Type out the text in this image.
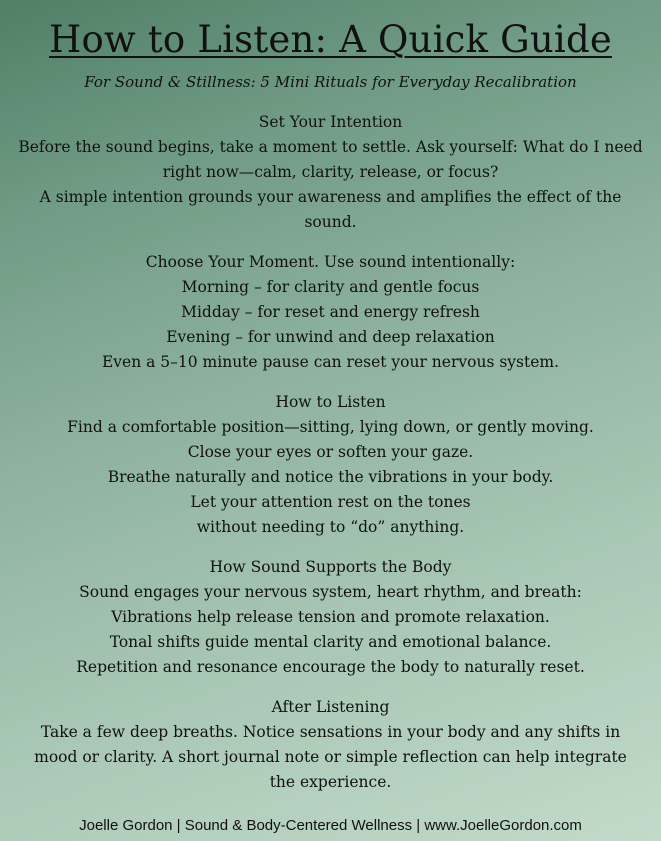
How to Listen: A Quick Guide

For Sound & Stillness: 5 Mini Rituals for Everyday Recalibration

Set Your Intention
Before the sound begins, take a moment to settle. Ask yourself: What do I need
right now—calm, clarity, release, or focus?
A simple intention grounds your awareness and amplifies the effect of the
sound.
Choose Your Moment. Use sound intentionally:
Morning – for clarity and gentle focus
Midday – for reset and energy refresh
Evening – for unwind and deep relaxation
Even a 5–10 minute pause can reset your nervous system.
How to Listen
Find a comfortable position—sitting, lying down, or gently moving.
Close your eyes or soften your gaze.
Breathe naturally and notice the vibrations in your body.
Let your attention rest on the tones
without needing to “do” anything.
How Sound Supports the Body
Sound engages your nervous system, heart rhythm, and breath:
Vibrations help release tension and promote relaxation.
Tonal shifts guide mental clarity and emotional balance.
Repetition and resonance encourage the body to naturally reset.
After Listening
Take a few deep breaths. Notice sensations in your body and any shifts in
mood or clarity. A short journal note or simple reflection can help integrate
the experience.

Joelle Gordon | Sound & Body-Centered Wellness | www.JoelleGordon.com
